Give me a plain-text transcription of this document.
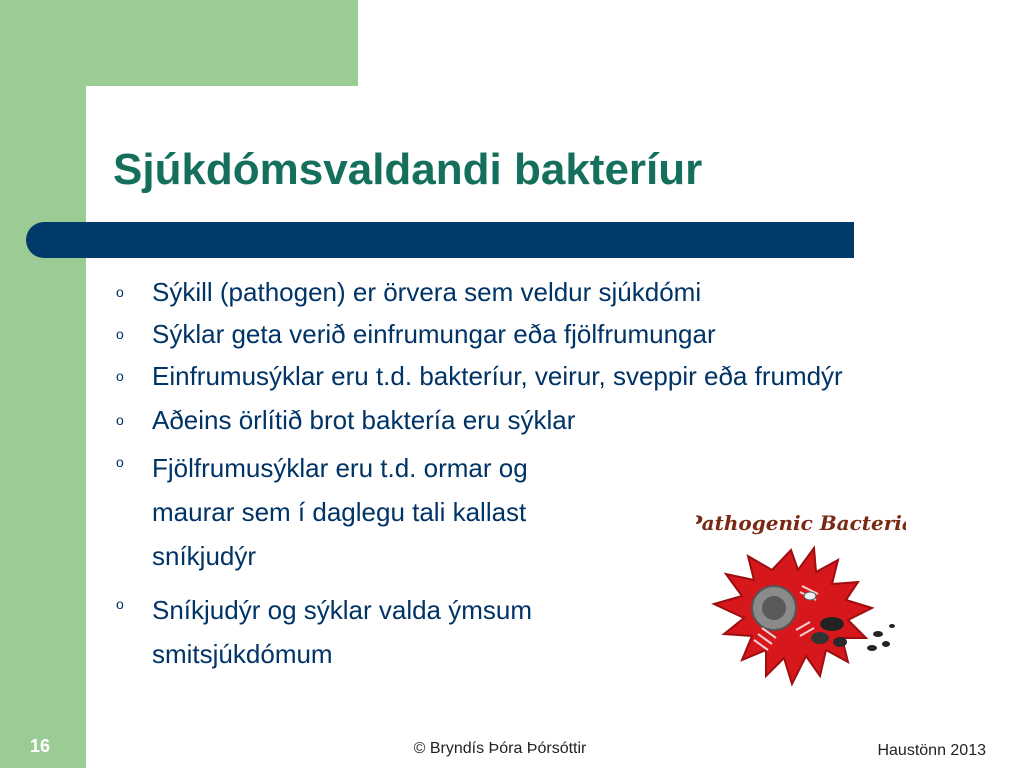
Sjúkdómsvaldandi bakteríur
o	Sýkill (pathogen) er örvera sem veldur sjúkdómi
o	Sýklar geta verið einfrumungar eða fjölfrumungar
o	Einfrumusýklar eru t.d. bakteríur, veirur, sveppir eða frumdýr
o	Aðeins örlítið brot baktería eru sýklar
o	Fjölfrumusýklar eru t.d. ormar og
maurar sem í daglegu tali kallast
sníkjudýr
o	Sníkjudýr og sýklar valda ýmsum
smitsjúkdómum
Pathogenic Bacteria
16	© Bryndís Þóra Þórsóttir	Haustönn 2013
